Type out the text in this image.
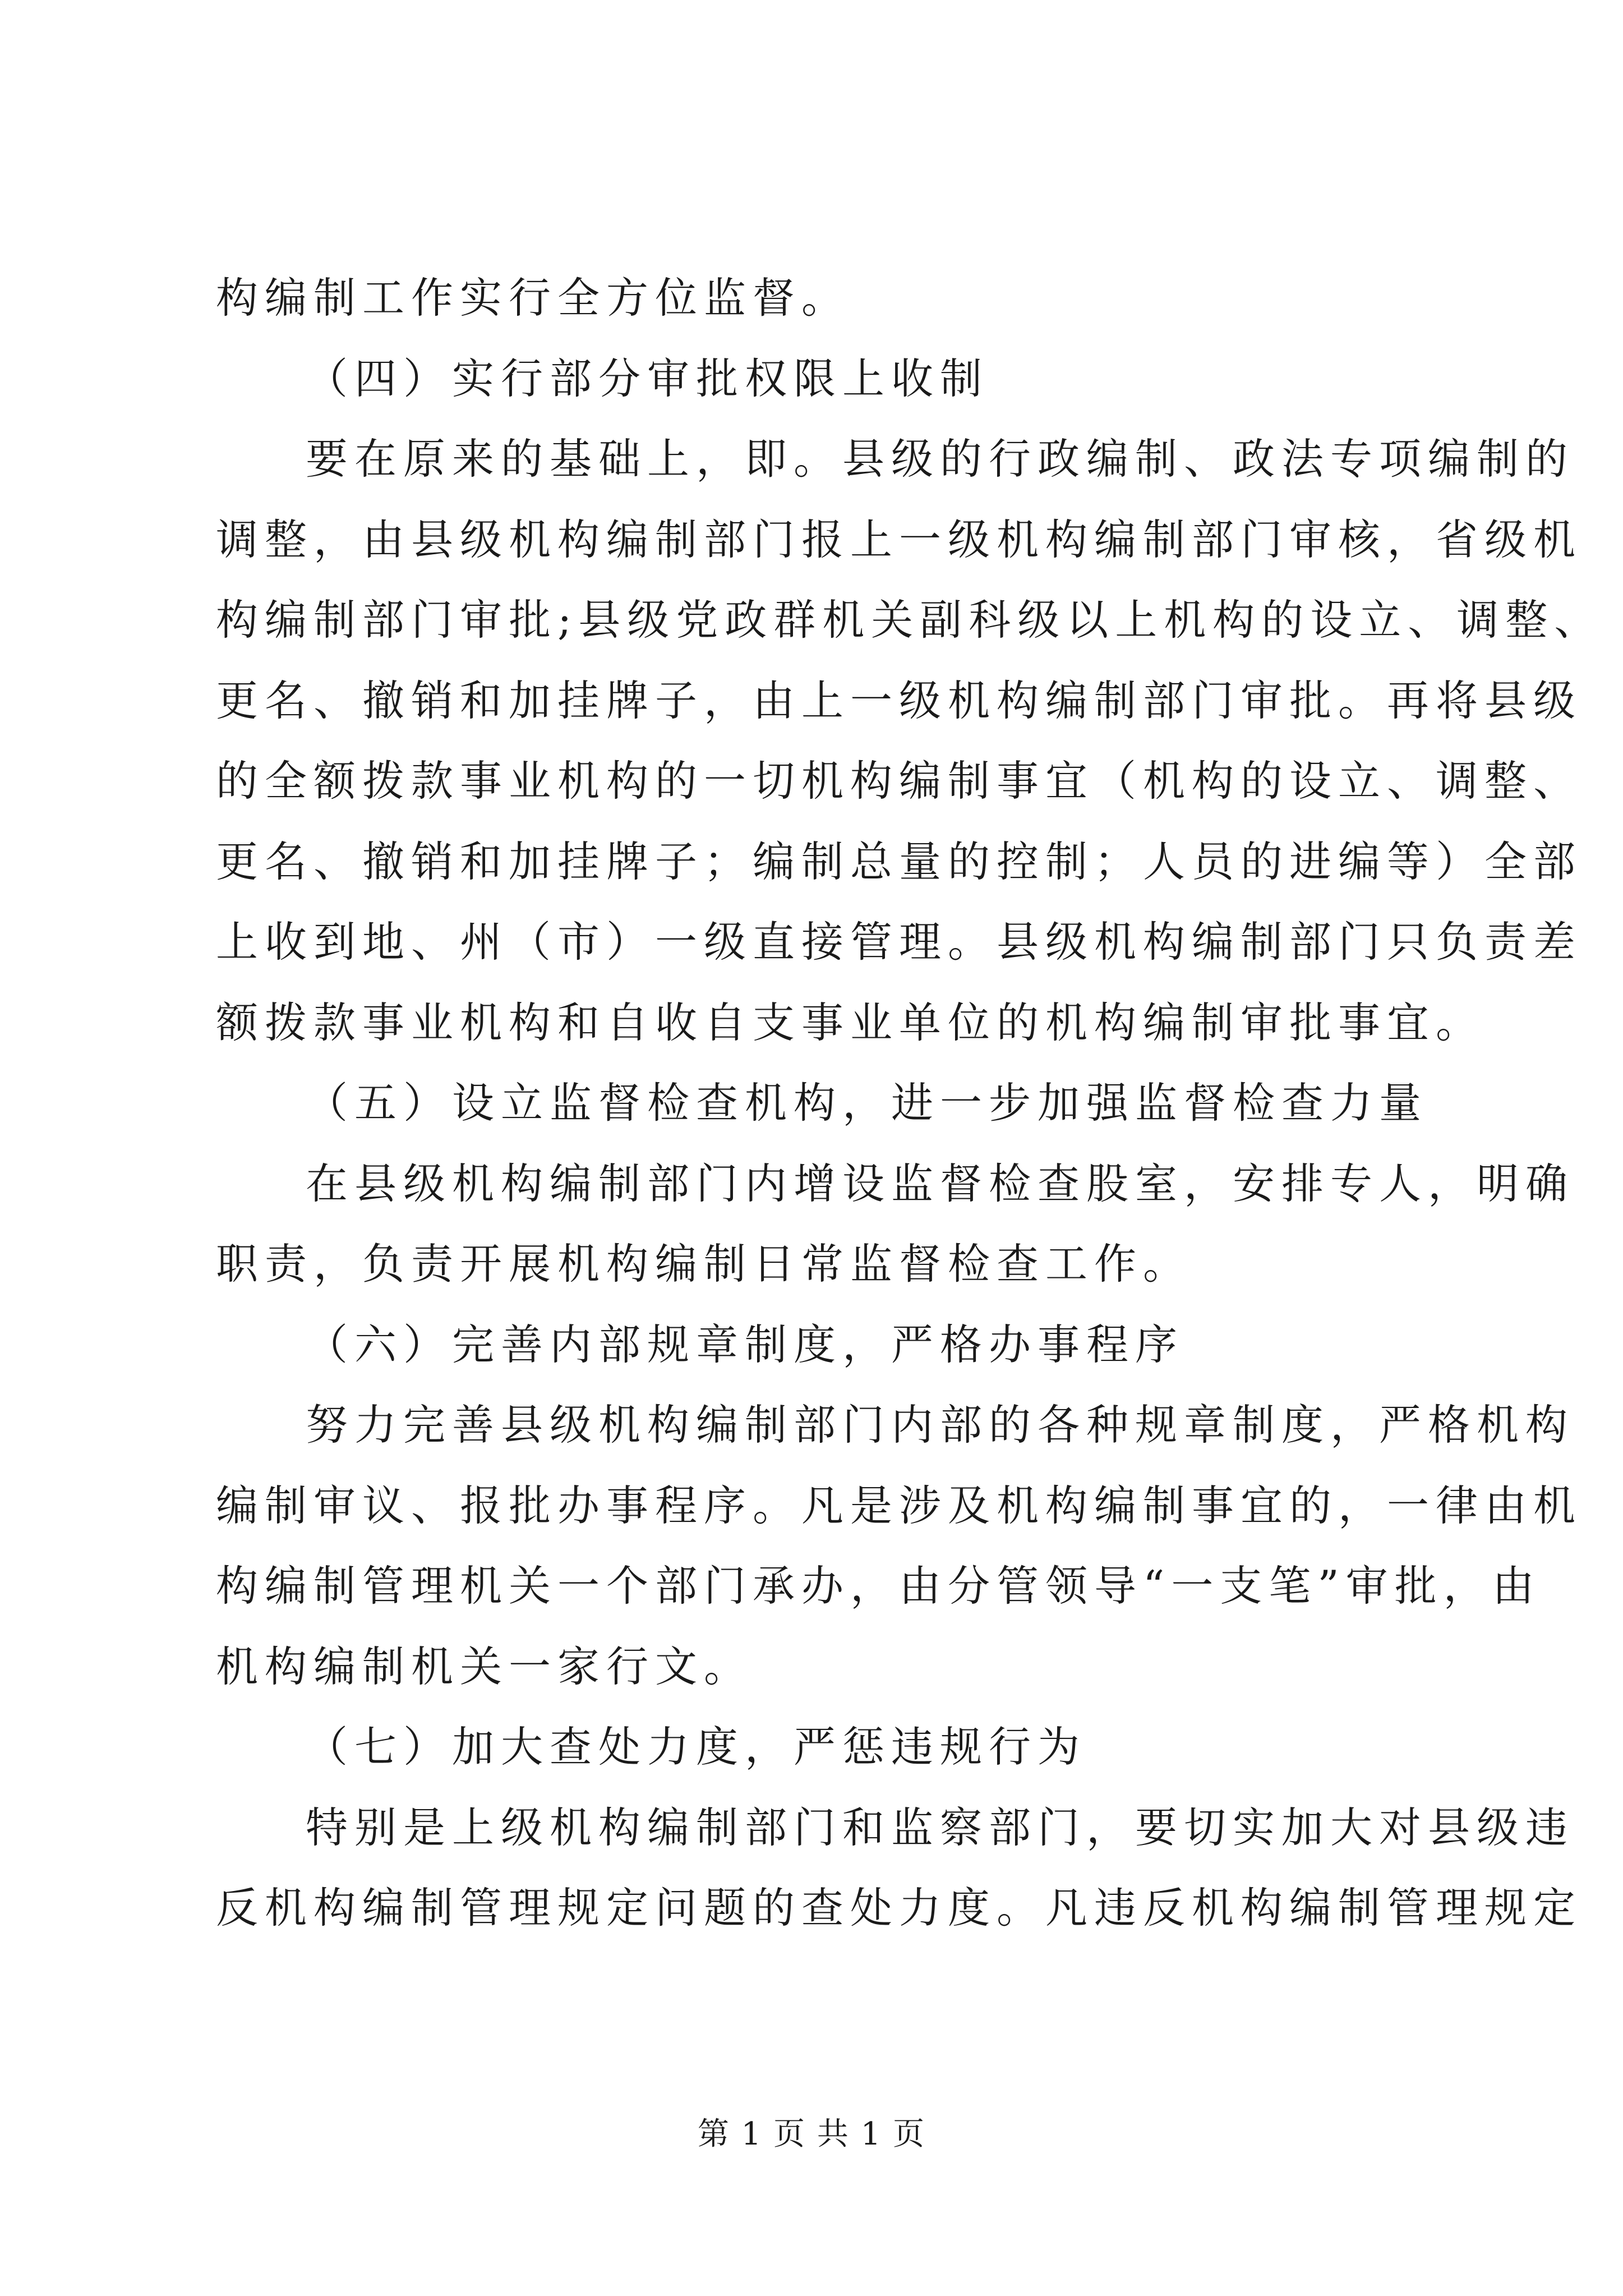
构编制工作实行全方位监督。
（四）实行部分审批权限上收制
要在原来的基础上，即。县级的行政编制、政法专项编制的
调整，由县级机构编制部门报上一级机构编制部门审核，省级机
构编制部门审批;县级党政群机关副科级以上机构的设立、调整、
更名、撤销和加挂牌子，由上一级机构编制部门审批。再将县级
的全额拨款事业机构的一切机构编制事宜（机构的设立、调整、
更名、撤销和加挂牌子；编制总量的控制；人员的进编等）全部
上收到地、州（市）一级直接管理。县级机构编制部门只负责差
额拨款事业机构和自收自支事业单位的机构编制审批事宜。
（五）设立监督检查机构，进一步加强监督检查力量
在县级机构编制部门内增设监督检查股室，安排专人，明确
职责，负责开展机构编制日常监督检查工作。
（六）完善内部规章制度，严格办事程序
努力完善县级机构编制部门内部的各种规章制度，严格机构
编制审议、报批办事程序。凡是涉及机构编制事宜的，一律由机
构编制管理机关一个部门承办，由分管领导“一支笔”审批，由
机构编制机关一家行文。
（七）加大查处力度，严惩违规行为
特别是上级机构编制部门和监察部门，要切实加大对县级违
反机构编制管理规定问题的查处力度。凡违反机构编制管理规定
第 1 页 共 1 页
